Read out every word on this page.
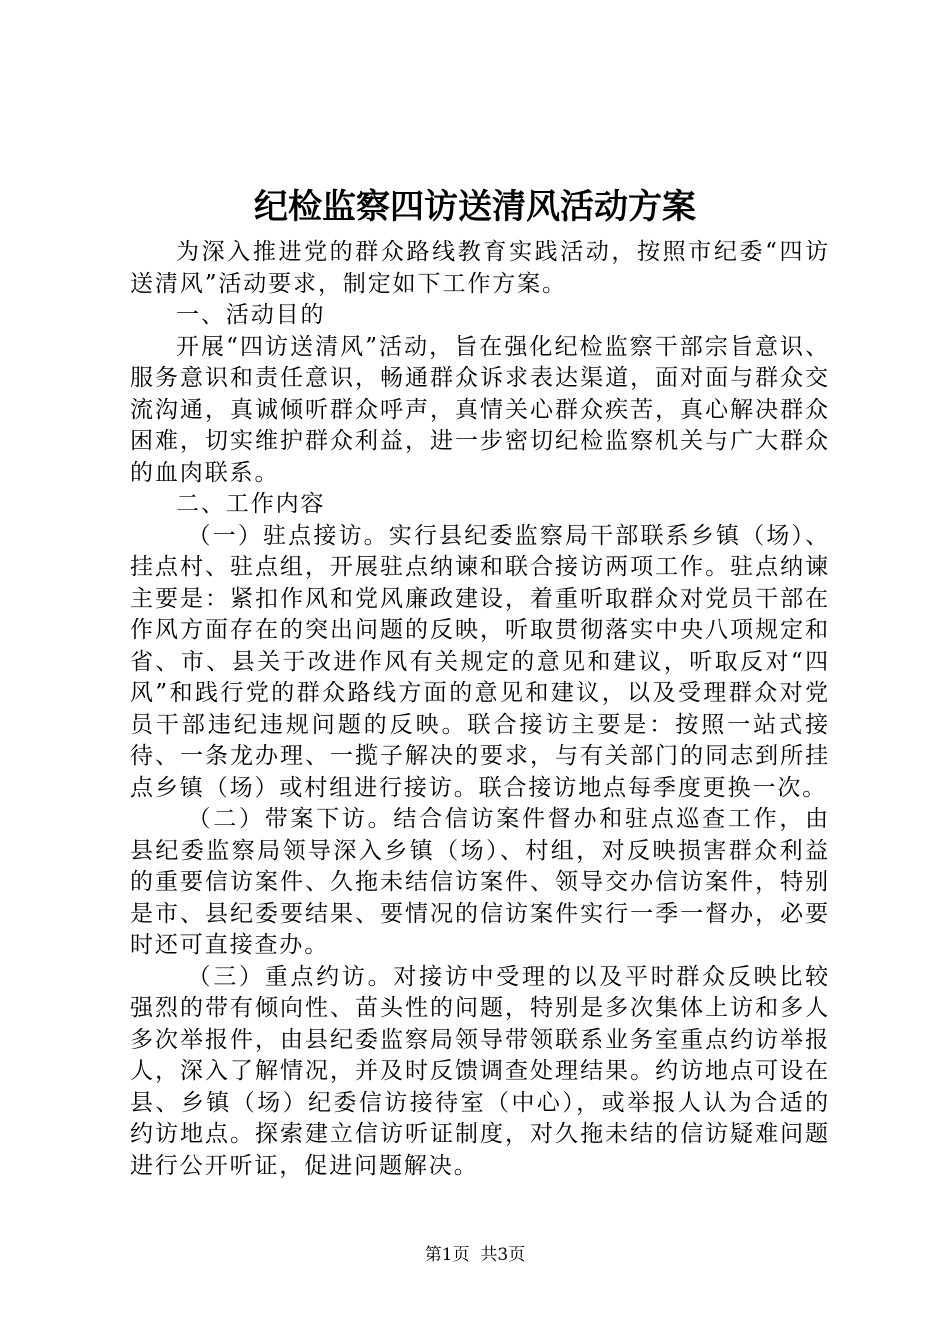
纪检监察四访送清风活动方案

为深入推进党的群众路线教育实践活动，按照市纪委“四访送清风”活动要求，制定如下工作方案。

一、活动目的

开展“四访送清风”活动，旨在强化纪检监察干部宗旨意识、服务意识和责任意识，畅通群众诉求表达渠道，面对面与群众交流沟通，真诚倾听群众呼声，真情关心群众疾苦，真心解决群众困难，切实维护群众利益，进一步密切纪检监察机关与广大群众的血肉联系。

二、工作内容

（一）驻点接访。实行县纪委监察局干部联系乡镇（场）、挂点村、驻点组，开展驻点纳谏和联合接访两项工作。驻点纳谏主要是：紧扣作风和党风廉政建设，着重听取群众对党员干部在作风方面存在的突出问题的反映，听取贯彻落实中央八项规定和省、市、县关于改进作风有关规定的意见和建议，听取反对“四风”和践行党的群众路线方面的意见和建议，以及受理群众对党员干部违纪违规问题的反映。联合接访主要是：按照一站式接待、一条龙办理、一揽子解决的要求，与有关部门的同志到所挂点乡镇（场）或村组进行接访。联合接访地点每季度更换一次。

（二）带案下访。结合信访案件督办和驻点巡查工作，由县纪委监察局领导深入乡镇（场）、村组，对反映损害群众利益的重要信访案件、久拖未结信访案件、领导交办信访案件，特别是市、县纪委要结果、要情况的信访案件实行一季一督办，必要时还可直接查办。

（三）重点约访。对接访中受理的以及平时群众反映比较强烈的带有倾向性、苗头性的问题，特别是多次集体上访和多人多次举报件，由县纪委监察局领导带领联系业务室重点约访举报人，深入了解情况，并及时反馈调查处理结果。约访地点可设在县、乡镇（场）纪委信访接待室（中心），或举报人认为合适的约访地点。探索建立信访听证制度，对久拖未结的信访疑难问题进行公开听证，促进问题解决。

第1页  共3页
